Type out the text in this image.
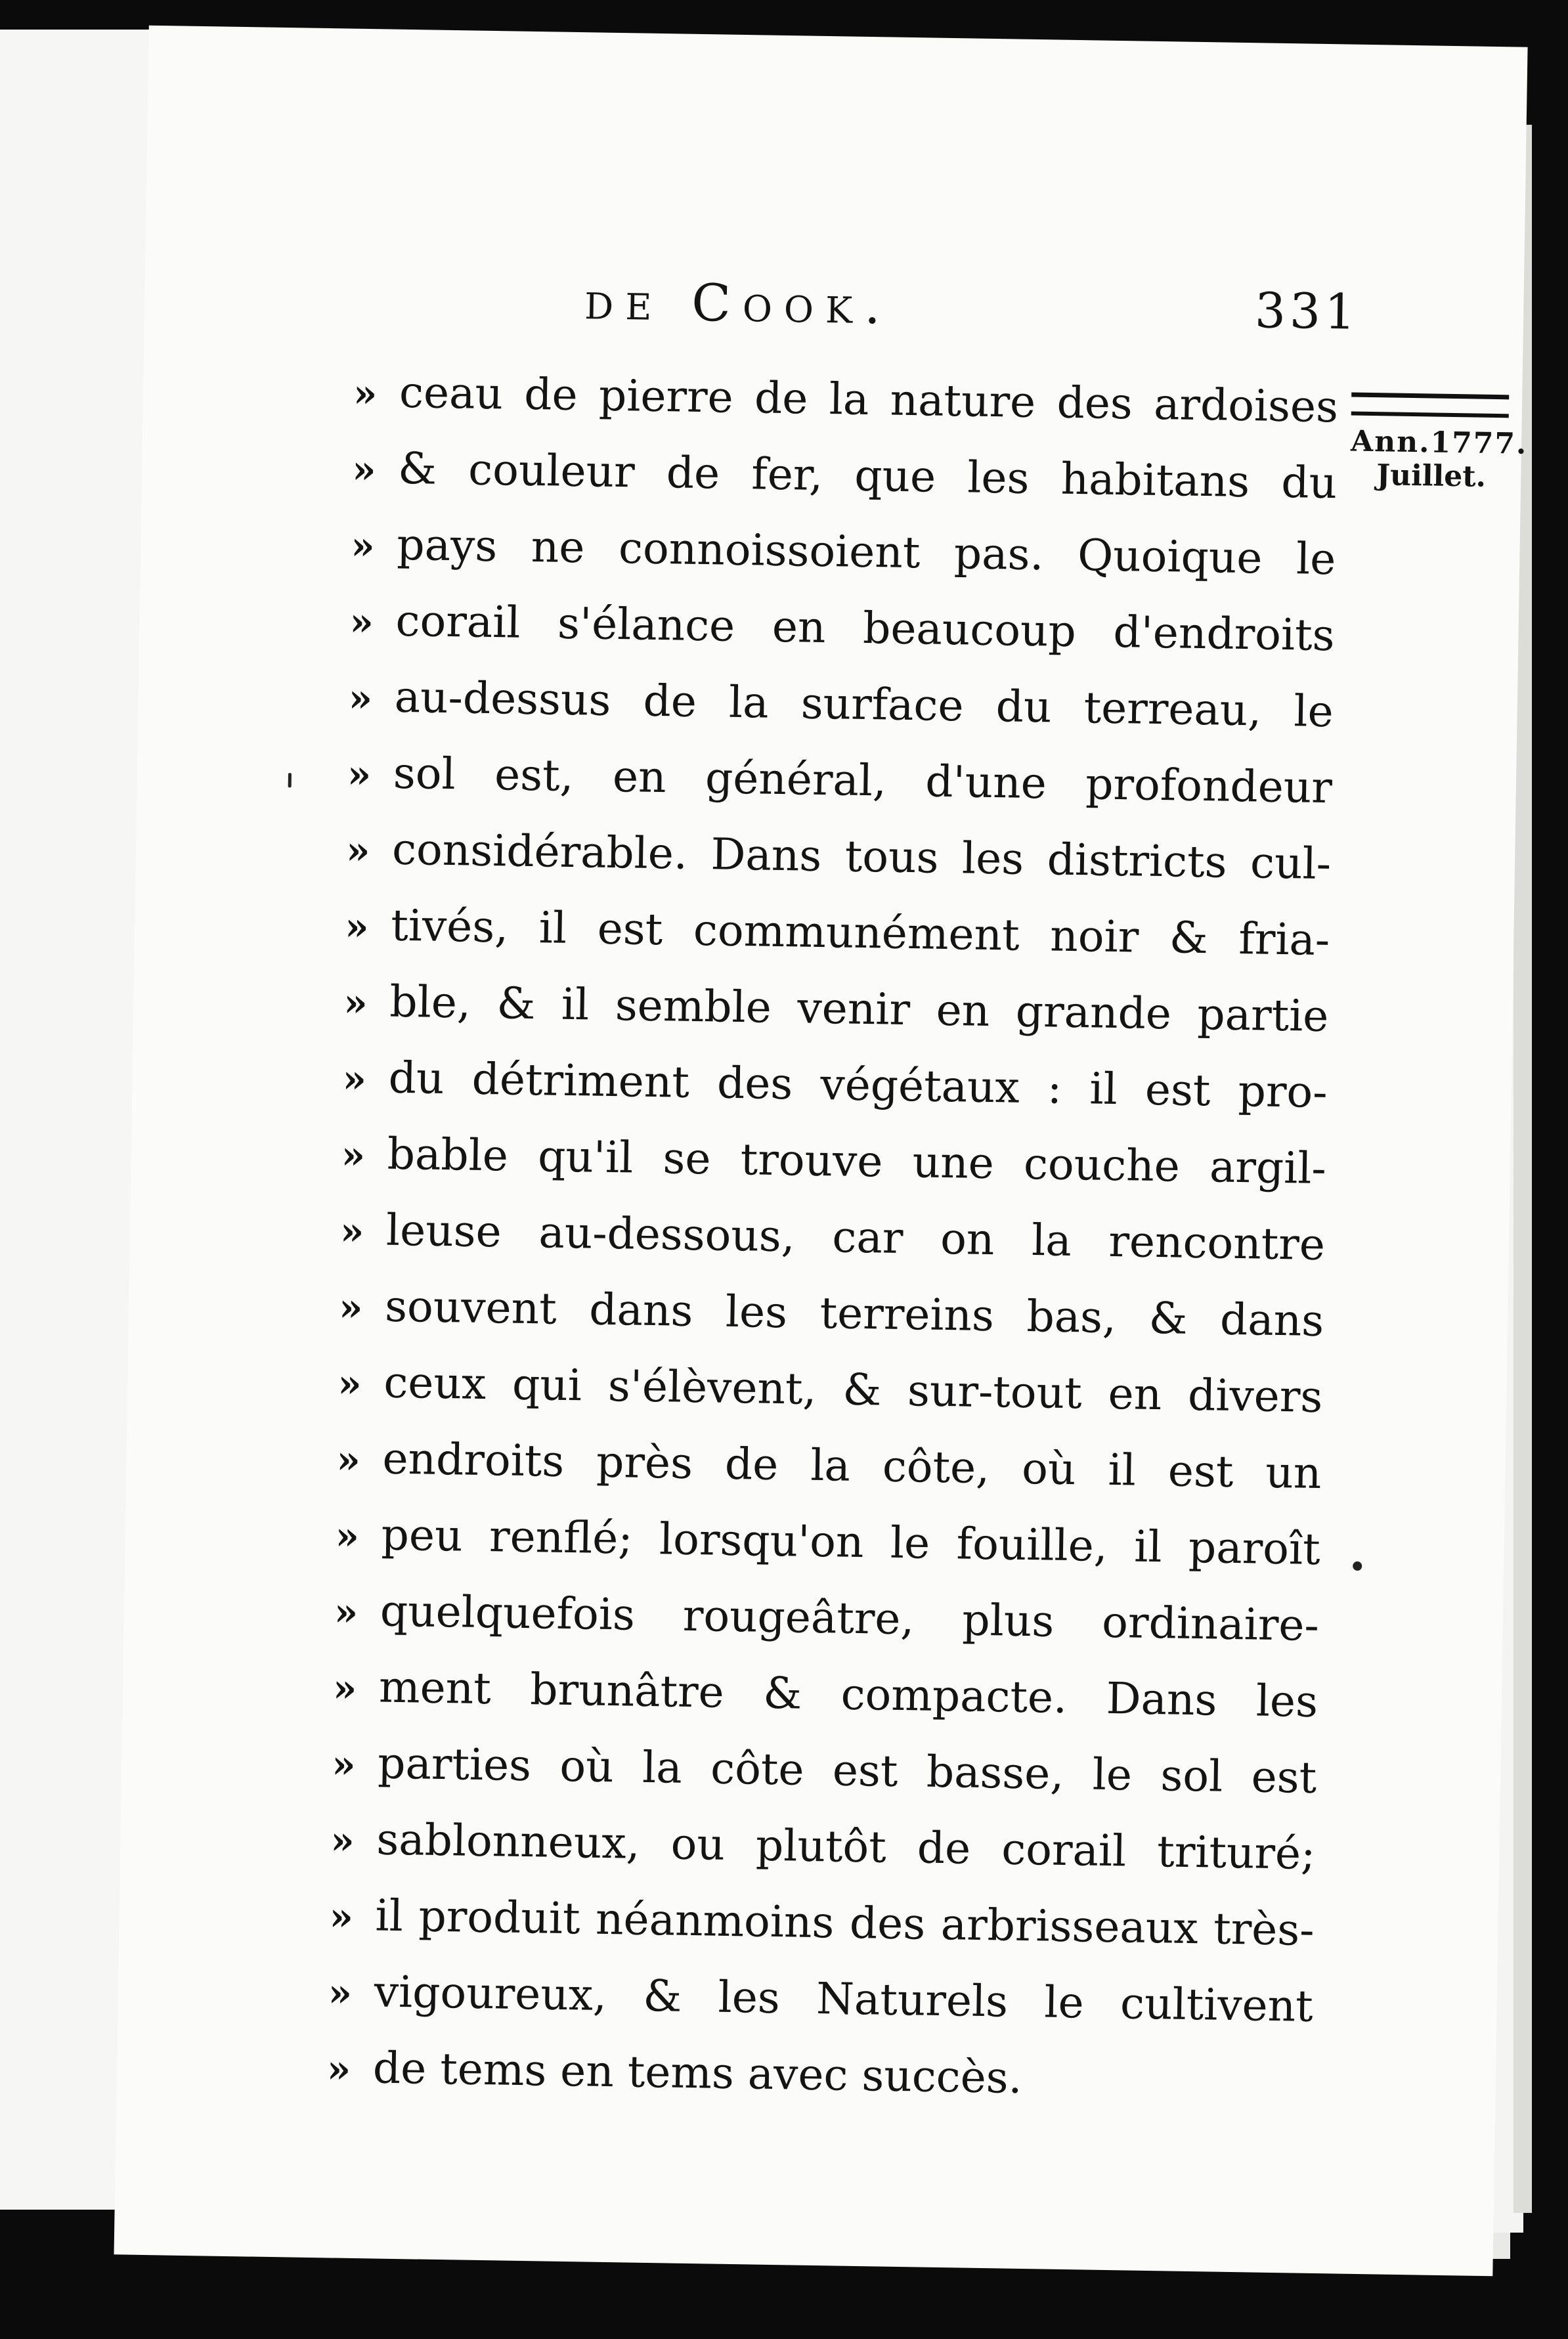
de Cook.	331
Ann.1777.
Juillet.
» ceau de pierre de la nature des ardoises
» & couleur de fer, que les habitans du
» pays ne connoissoient pas. Quoique le
» corail s'élance en beaucoup d'endroits
» au-dessus de la surface du terreau, le
» sol est, en général, d'une profondeur
» considérable. Dans tous les districts cul-
» tivés, il est communément noir & fria-
» ble, & il semble venir en grande partie
» du détriment des végétaux : il est pro-
» bable qu'il se trouve une couche argil-
» leuse au-dessous, car on la rencontre
» souvent dans les terreins bas, & dans
» ceux qui s'élèvent, & sur-tout en divers
» endroits près de la côte, où il est un
» peu renflé; lorsqu'on le fouille, il paroît
» quelquefois rougeâtre, plus ordinaire-
» ment brunâtre & compacte. Dans les
» parties où la côte est basse, le sol est
» sablonneux, ou plutôt de corail trituré;
» il produit néanmoins des arbrisseaux très-
» vigoureux, & les Naturels le cultivent
» de tems en tems avec succès.
